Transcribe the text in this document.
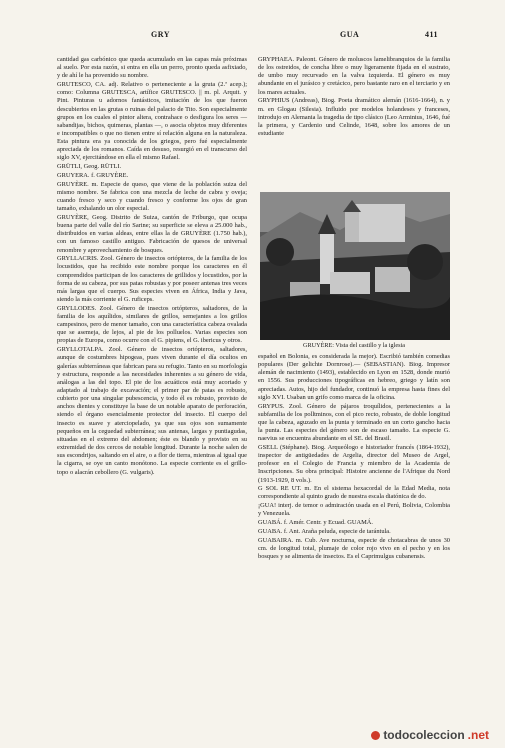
GRY	GUA	411

cantidad gas carbónico que queda acumulado en las capas más próximas al suelo. Por esta razón, si entra en ella un perro, pronto queda asfixiado, y de ahí le ha provenido su nombre.

GRUTESCO, CA. adj. Relativo o perteneciente a la gruta (2.ª acep.); como: Columna GRUTESCA, artífice GRUTESCO. || m. pl. Arquit. y Pint. Pinturas u adornos fantásticos, imitación de los que fueron descubiertos en las grutas o ruinas del palacio de Tito. Son especialmente grupos en los cuales el pintor altera, contrahace o desfigura los seres — sabandijas, bichos, quimeras, plantas —, o asocia objetos muy diferentes e incompatibles o que no tienen entre sí relación alguna en la naturaleza. Esta pintura era ya conocida de los griegos, pero fué especialmente apreciada de los romanos. Caída en desuso, resurgió en el transcurso del siglo XV, ejercitándose en ella el mismo Rafael.

GRÜTLI, Geog. RÜTLI.

GRUYERA. f. GRUYÈRE.

GRUYÈRE. m. Especie de queso, que viene de la población suiza del mismo nombre. Se fabrica con una mezcla de leche de cabra y oveja; cuando fresco y seco y cuando fresco y conforme los ojos de gran tamaño, exhalando un olor especial.

GRUYÈRE, Geog. Distrito de Suiza, cantón de Friburgo, que ocupa buena parte del valle del río Sarine; su superficie se eleva a 25.000 hab., distribuidos en varias aldeas, entre ellas la de GRUYÈRE (1.750 hab.), con un famoso castillo antiguo. Fabricación de quesos de universal renombre y aprovechamiento de bosques.

GRYLLACRIS. Zool. Género de insectos ortópteros, de la familia de los locustidos, que ha recibido este nombre porque los caracteres en él comprendidos participan de los caracteres de grillidos y locustidos, por la forma de su cabeza, por sus patas robustas y por poseer antenas tres veces más largas que el cuerpo. Sus especies viven en África, India y Java, siendo la más corriente el G. ruficeps.

GRYLLODES. Zool. Género de insectos ortópteros, saltadores, de la familia de los aquílidos, similares de grillos, semejantes a los grillos campesinos, pero de menor tamaño, con una característica cabeza ovalada que se asemeja, de lejos, al pie de los polluelos. Varias especies son propias de Europa, como ocurre con el G. pipiens, el G. ibericus y otros.

GRYLLOTALPA. Zool. Género de insectos ortópteros, saltadores, aunque de costumbres hipogeas, pues viven durante el día ocultos en galerías subterráneas que fabrican para su refugio. Tanto en su morfología y estructura, responde a las necesidades inherentes a su género de vida, análogas a las del topo. El pie de los acuáticos está muy acortado y adaptado al trabajo de excavación; el primer par de patas es robusto, cubierto por una singular pubescencia, y todo él es robusto, provisto de anchos dientes y constituye la base de un notable aparato de perforación, siendo el órgano esencialmente protector del insecto. El cuerpo del insecto es suave y aterciopelado, ya que sus ojos son sumamente pequeños en la ceguedad subterránea; sus antenas, largas y puntiagudas, situadas en el extremo del abdomen; éste es blando y provisto en su extremidad de dos cercos de notable longitud. Durante la noche salen de sus escondrijos, saltando en el aire, o a flor de tierra, mientras al igual que la cigarra, se oye un canto monótono. La especie corriente es el grillo-topo o alacrán cebollero (G. vulgaris).

GRYPHAEA. Paleont. Género de moluscos lamelibranquios de la familia de los ostreidos, de concha libre o muy ligeramente fijada en el sustrato, de umbo muy recurvado en la valva izquierda. El género es muy abundante en el jurásico y cretácico, pero bastante raro en el terciario y en los mares actuales.

GRYPHIUS (Andreas), Biog. Poeta dramático alemán (1616-1664), n. y m. en Glogau (Silesia). Influido por modelos holandeses y franceses, introdujo en Alemania la tragedia de tipo clásico (Leo Arminius, 1646, fué la primera, y Cardenio und Celinde, 1648, sobre los amores de un estudiante

GRUYÈRE: Vista del castillo y la iglesia

español en Bolonia, es considerada la mejor). Escribió también comedias populares (Der gelichte Dornrose).— (SEBASTIAN). Biog. Impresor alemán de nacimiento (1493), establecido en Lyon en 1528, donde murió en 1556. Sus producciones tipográficas en hebreo, griego y latín son apreciadas. Autos, hijo del fundador, continuó la empresa hasta fines del siglo XVI. Usaban un grifo como marca de la oficina.

GRYPUS. Zool. Género de pájaros troquílidos, pertenecientes a la subfamilia de los polltminos, con el pico recto, robusto, de doble longitud que la cabeza, aguzado en la punta y terminado en un corto gancho hacia la punta. Las especies del género son de escaso tamaño. La especie G. naevius se encuentra abundante en el SE. del Brasil.

GSELL (Stéphane). Biog. Arqueólogo e historiador francés (1864-1932), inspector de antigüedades de Argelia, director del Museo de Argel, profesor en el Colegio de Francia y miembro de la Academia de Inscripciones. Su obra principal: Histoire ancienne de l'Afrique du Nord (1913-1929, 8 vols.).

G SOL RE UT. m. En el sistema hexacordal de la Edad Media, nota correspondiente al quinto grado de nuestra escala diatónica de do.

¡GUA! interj. de temor o admiración usada en el Perú, Bolivia, Colombia y Venezuela.

GUABÁ. f. Amér. Centr. y Ecuad. GUAMÁ.

GUABA. f. Ant. Araña peluda, especie de tarántula.

GUABAIRA. m. Cub. Ave nocturna, especie de chotacabras de unos 30 cm. de longitud total, plumaje de color rojo vivo en el pecho y en los bosques y se alimenta de insectos. Es el Caprimulgus cubanensis.

todocoleccion .net
